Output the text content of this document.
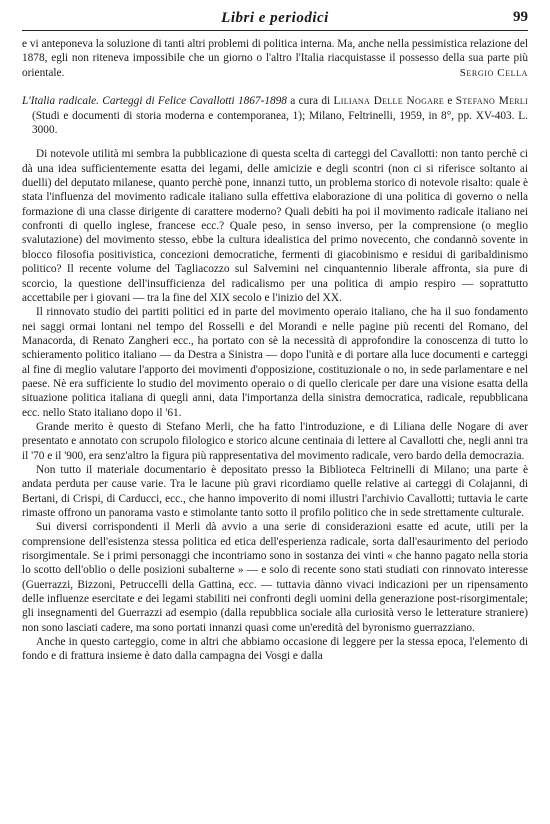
Libri e periodici	99

e vi anteponeva la soluzione di tanti altri problemi di politica interna. Ma, anche nella pessimistica relazione del 1878, egli non riteneva impossibile che un giorno o l'altro l'Italia riacquistasse il possesso della sua parte più orientale.	Sergio Cella

L'Italia radicale. Carteggi di Felice Cavallotti 1867-1898 a cura di Liliana Delle Nogare e Stefano Merli (Studi e documenti di storia moderna e contemporanea, 1); Milano, Feltrinelli, 1959, in 8°, pp. XV-403. L. 3000.

Di notevole utilità mi sembra la pubblicazione di questa scelta di carteggi del Cavallotti: non tanto perchè ci dà una idea sufficientemente esatta dei legami, delle amicizie e degli scontri (non ci si riferisce soltanto ai duelli) del deputato milanese, quanto perchè pone, innanzi tutto, un problema storico di notevole risalto: quale è stata l'influenza del movimento radicale italiano sulla effettiva elaborazione di una politica di governo o nella formazione di una classe dirigente di carattere moderno? Quali debiti ha poi il movimento radicale italiano nei confronti di quello inglese, francese ecc.? Quale peso, in senso inverso, per la comprensione (o meglio svalutazione) del movimento stesso, ebbe la cultura idealistica del primo novecento, che condannò sovente in blocco filosofia positivistica, concezioni democratiche, fermenti di giacobinismo e residui di garibaldinismo politico? Il recente volume del Tagliacozzo sul Salvemini nel cinquantennio liberale affronta, sia pure di scorcio, la questione dell'insufficienza del radicalismo per una politica di ampio respiro — soprattutto accettabile per i giovani — tra la fine del XIX secolo e l'inizio del XX.

Il rinnovato studio dei partiti politici ed in parte del movimento operaio italiano, che ha il suo fondamento nei saggi ormai lontani nel tempo del Rosselli e del Morandi e nelle pagine più recenti del Romano, del Manacorda, di Renato Zangheri ecc., ha portato con sè la necessità di approfondire la conoscenza di tutto lo schieramento politico italiano — da Destra a Sinistra — dopo l'unità e di portare alla luce documenti e carteggi al fine di meglio valutare l'apporto dei movimenti d'opposizione, costituzionale o no, in sede parlamentare e nel paese. Nè era sufficiente lo studio del movimento operaio o di quello clericale per dare una visione esatta della situazione politica italiana di quegli anni, data l'importanza della sinistra democratica, radicale, repubblicana ecc. nello Stato italiano dopo il '61.

Grande merito è questo di Stefano Merli, che ha fatto l'introduzione, e di Liliana delle Nogare di aver presentato e annotato con scrupolo filologico e storico alcune centinaia di lettere al Cavallotti che, negli anni tra il '70 e il '900, era senz'altro la figura più rappresentativa del movimento radicale, vero bardo della democrazia.

Non tutto il materiale documentario è depositato presso la Biblioteca Feltrinelli di Milano; una parte è andata perduta per cause varie. Tra le lacune più gravi ricordiamo quelle relative ai carteggi di Colajanni, di Bertani, di Crispi, di Carducci, ecc., che hanno impoverito di nomi illustri l'archivio Cavallotti; tuttavia le carte rimaste offrono un panorama vasto e stimolante tanto sotto il profilo politico che in sede strettamente culturale.

Sui diversi corrispondenti il Merli dà avvio a una serie di considerazioni esatte ed acute, utili per la comprensione dell'esistenza stessa politica ed etica dell'esperienza radicale, sorta dall'esaurimento del periodo risorgimentale. Se i primi personaggi che incontriamo sono in sostanza dei vinti « che hanno pagato nella storia lo scotto dell'oblio o delle posizioni subalterne » — e solo di recente sono stati studiati con rinnovato interesse (Guerrazzi, Bizzoni, Petruccelli della Gattina, ecc. — tuttavia dànno vivaci indicazioni per un ripensamento delle influenze esercitate e dei legami stabiliti nei confronti degli uomini della generazione post-risorgimentale; gli insegnamenti del Guerrazzi ad esempio (dalla repubblica sociale alla curiosità verso le letterature straniere) non sono lasciati cadere, ma sono portati innanzi quasi come un'eredità del byronismo guerrazziano.

Anche in questo carteggio, come in altri che abbiamo occasione di leggere per la stessa epoca, l'elemento di fondo e di frattura insieme è dato dalla campagna dei Vosgi e dalla
